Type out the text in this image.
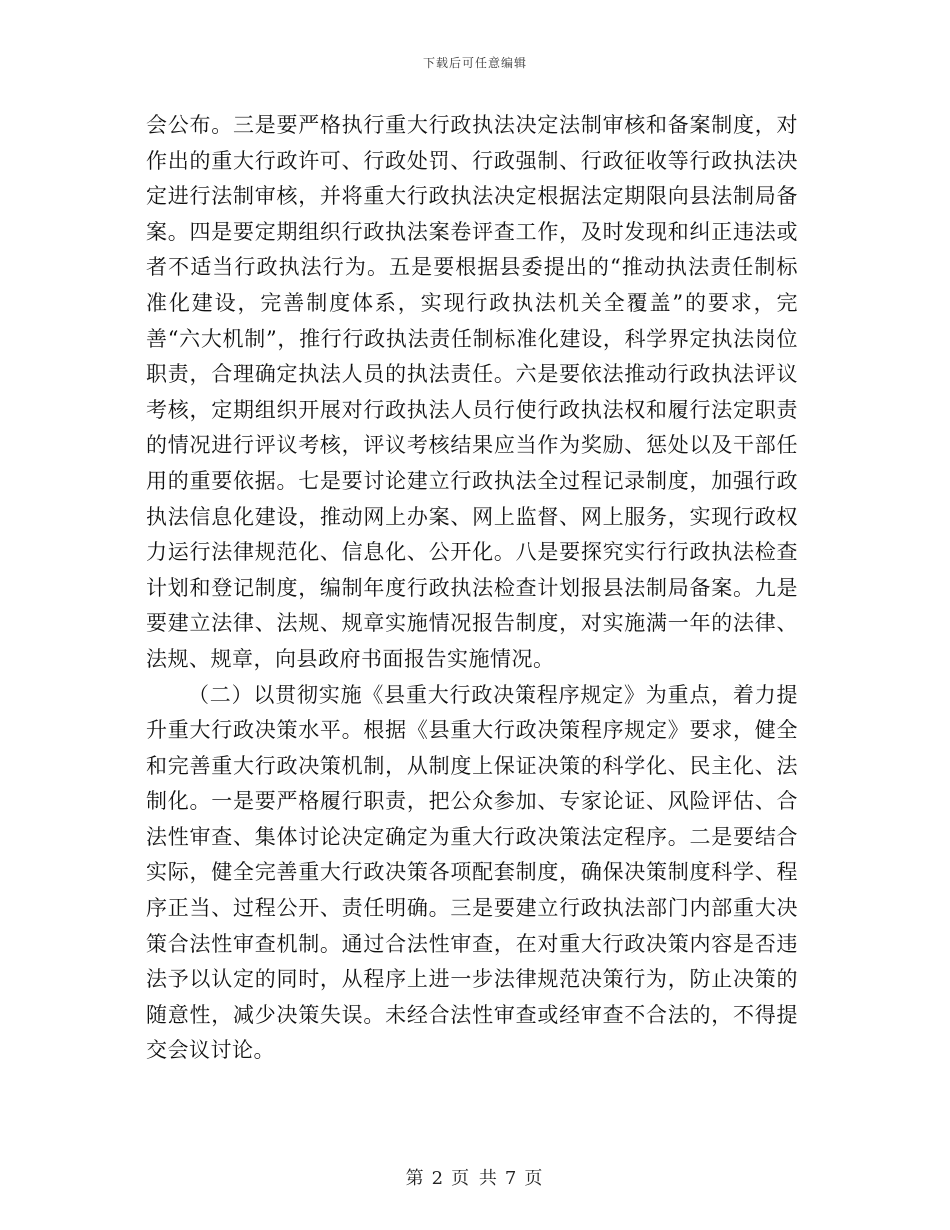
下载后可任意编辑

会公布。三是要严格执行重大行政执法决定法制审核和备案制度，对作出的重大行政许可、行政处罚、行政强制、行政征收等行政执法决定进行法制审核，并将重大行政执法决定根据法定期限向县法制局备案。四是要定期组织行政执法案卷评查工作，及时发现和纠正违法或者不适当行政执法行为。五是要根据县委提出的“推动执法责任制标准化建设，完善制度体系，实现行政执法机关全覆盖”的要求，完善“六大机制”，推行行政执法责任制标准化建设，科学界定执法岗位职责，合理确定执法人员的执法责任。六是要依法推动行政执法评议考核，定期组织开展对行政执法人员行使行政执法权和履行法定职责的情况进行评议考核，评议考核结果应当作为奖励、惩处以及干部任用的重要依据。七是要讨论建立行政执法全过程记录制度，加强行政执法信息化建设，推动网上办案、网上监督、网上服务，实现行政权力运行法律规范化、信息化、公开化。八是要探究实行行政执法检查计划和登记制度，编制年度行政执法检查计划报县法制局备案。九是要建立法律、法规、规章实施情况报告制度，对实施满一年的法律、法规、规章，向县政府书面报告实施情况。

（二）以贯彻实施《县重大行政决策程序规定》为重点，着力提升重大行政决策水平。根据《县重大行政决策程序规定》要求，健全和完善重大行政决策机制，从制度上保证决策的科学化、民主化、法制化。一是要严格履行职责，把公众参加、专家论证、风险评估、合法性审查、集体讨论决定确定为重大行政决策法定程序。二是要结合实际，健全完善重大行政决策各项配套制度，确保决策制度科学、程序正当、过程公开、责任明确。三是要建立行政执法部门内部重大决策合法性审查机制。通过合法性审查，在对重大行政决策内容是否违法予以认定的同时，从程序上进一步法律规范决策行为，防止决策的随意性，减少决策失误。未经合法性审查或经审查不合法的，不得提交会议讨论。

第 2 页 共 7 页
